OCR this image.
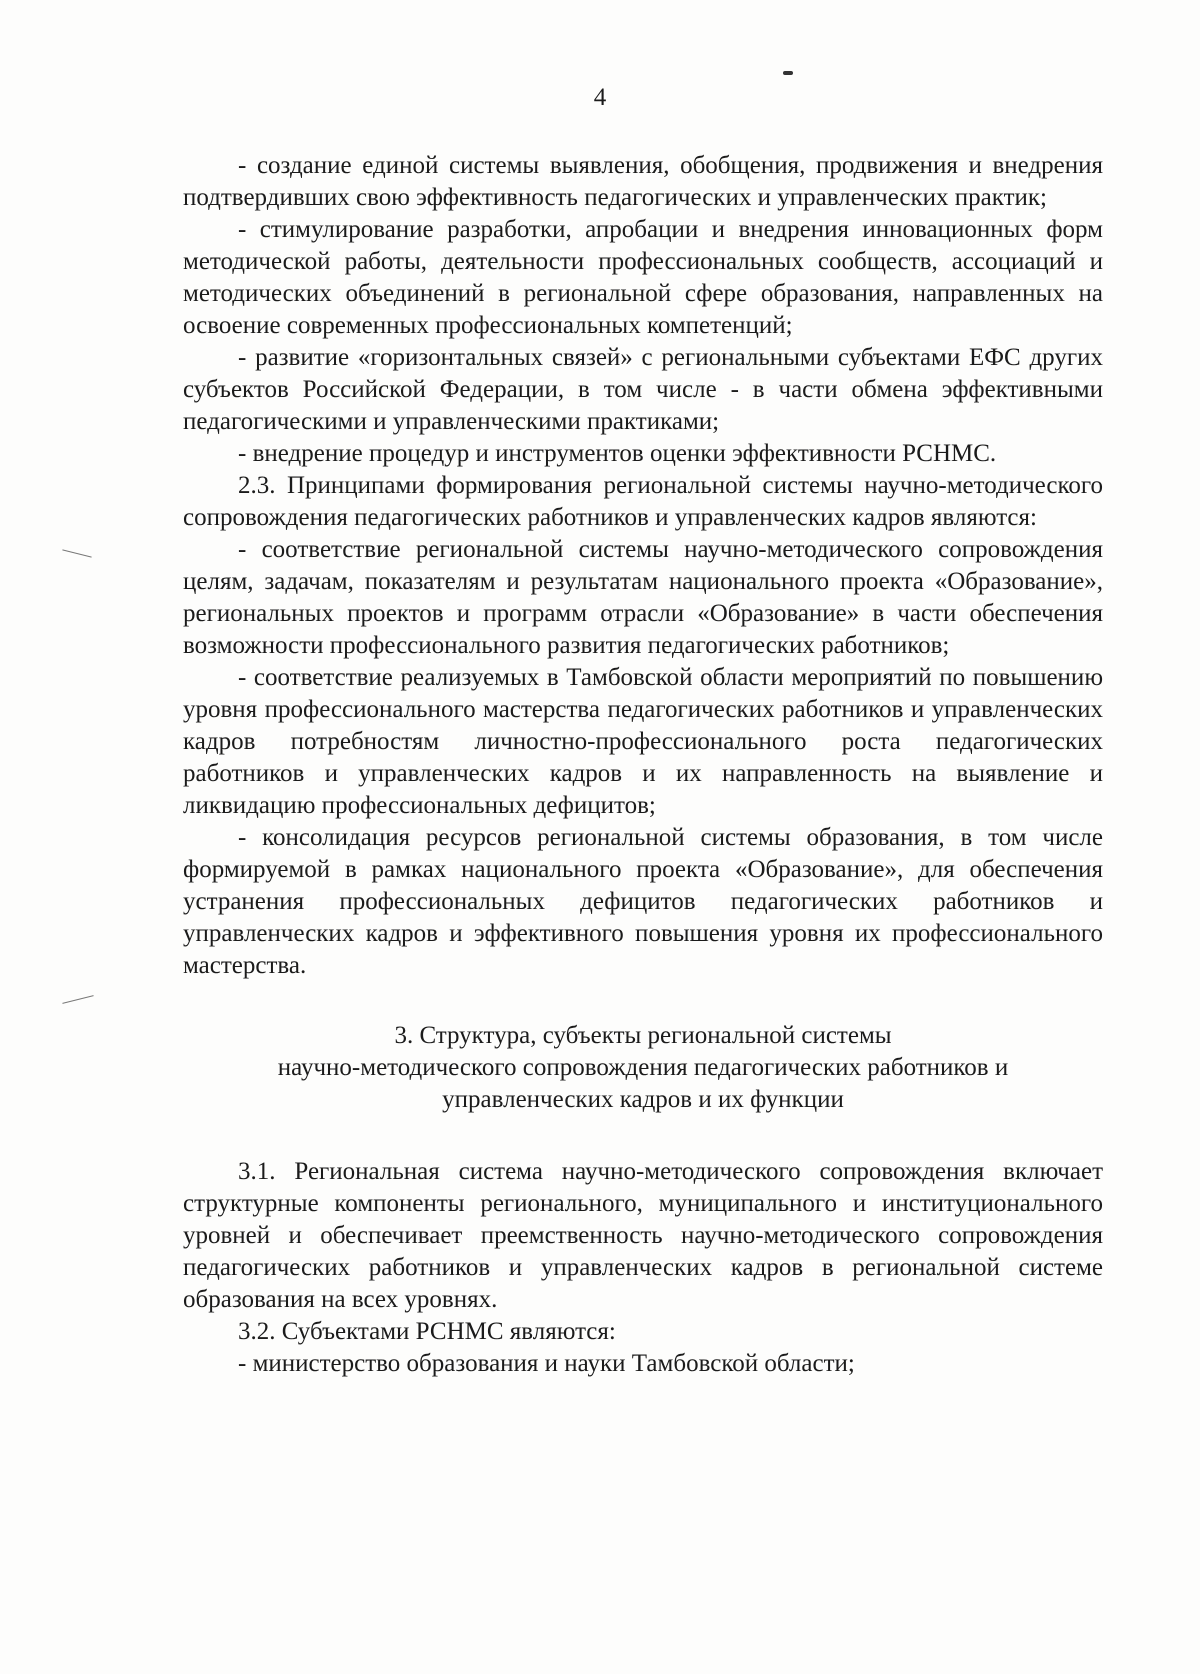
4

- создание единой системы выявления, обобщения, продвижения и внедрения подтвердивших свою эффективность педагогических и управленческих практик;

- стимулирование разработки, апробации и внедрения инновационных форм методической работы, деятельности профессиональных сообществ, ассоциаций и методических объединений в региональной сфере образования, направленных на освоение современных профессиональных компетенций;

- развитие «горизонтальных связей» с региональными субъектами ЕФС других субъектов Российской Федерации, в том числе - в части обмена эффективными педагогическими и управленческими практиками;

- внедрение процедур и инструментов оценки эффективности РСНМС.

2.3. Принципами формирования региональной системы научно-методического сопровождения педагогических работников и управленческих кадров являются:

- соответствие региональной системы научно-методического сопровождения целям, задачам, показателям и результатам национального проекта «Образование», региональных проектов и программ отрасли «Образование» в части обеспечения возможности профессионального развития педагогических работников;

- соответствие реализуемых в Тамбовской области мероприятий по повышению уровня профессионального мастерства педагогических работников и управленческих кадров потребностям личностно-профессионального роста педагогических работников и управленческих кадров и их направленность на выявление и ликвидацию профессиональных дефицитов;

- консолидация ресурсов региональной системы образования, в том числе формируемой в рамках национального проекта «Образование», для обеспечения устранения профессиональных дефицитов педагогических работников и управленческих кадров и эффективного повышения уровня их профессионального мастерства.

3. Структура, субъекты региональной системы
научно-методического сопровождения педагогических работников и
управленческих кадров и их функции

3.1. Региональная система научно-методического сопровождения включает структурные компоненты регионального, муниципального и институционального уровней и обеспечивает преемственность научно-методического сопровождения педагогических работников и управленческих кадров в региональной системе образования на всех уровнях.

3.2. Субъектами РСНМС являются:

- министерство образования и науки Тамбовской области;
